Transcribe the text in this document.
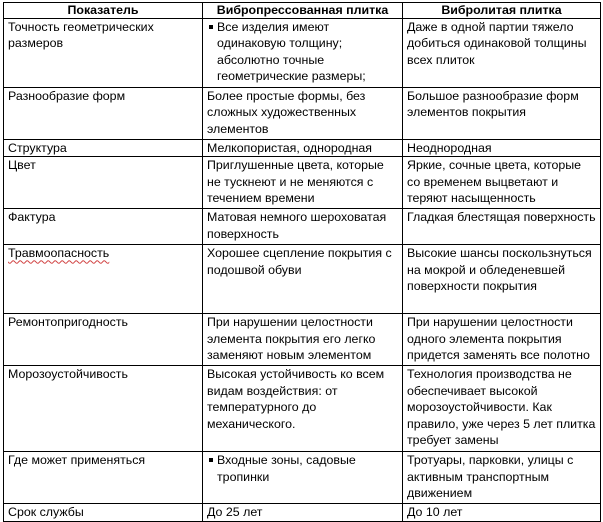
Показатель	Вибропрессованная плитка	Вибролитая плитка
Точность геометрических размеров	Все изделия имеют одинаковую толщину; абсолютно точные геометрические размеры;	Даже в одной партии тяжело добиться одинаковой толщины всех плиток
Разнообразие форм	Более простые формы, без сложных художественных элементов	Большое разнообразие форм элементов покрытия
Структура	Мелкопористая, однородная	Неоднородная
Цвет	Приглушенные цвета, которые не тускнеют и не меняются с течением времени	Яркие, сочные цвета, которые со временем выцветают и теряют насыщенность
Фактура	Матовая немного шероховатая поверхность	Гладкая блестящая поверхность
Травмоопасность	Хорошее сцепление покрытия с подошвой обуви	Высокие шансы поскользнуться на мокрой и обледеневшей поверхности покрытия
Ремонтопригодность	При нарушении целостности элемента покрытия его легко заменяют новым элементом	При нарушении целостности одного элемента покрытия придется заменять все полотно
Морозоустойчивость	Высокая устойчивость ко всем видам воздействия: от температурного до механического.	Технология производства не обеспечивает высокой морозоустойчивости. Как правило, уже через 5 лет плитка требует замены
Где может применяться	Входные зоны, садовые тропинки	Тротуары, парковки, улицы с активным транспортным движением
Срок службы	До 25 лет	До 10 лет
